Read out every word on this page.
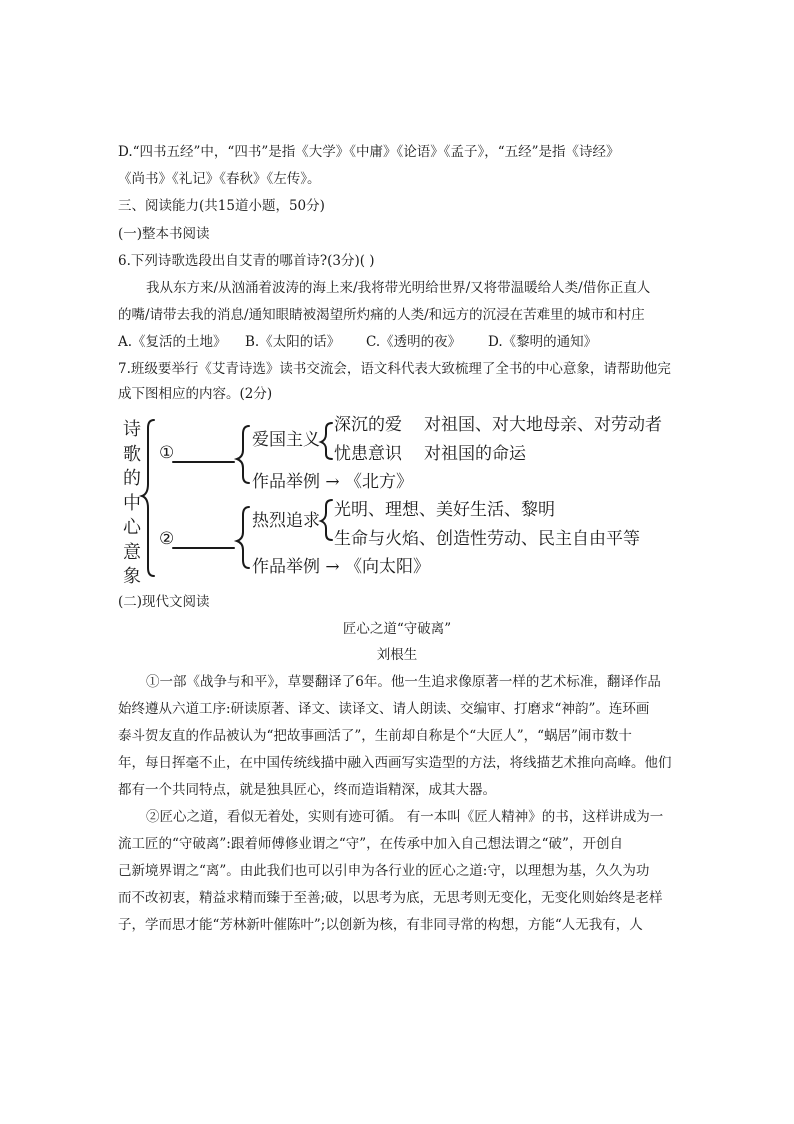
D.“四书五经”中，“四书”是指《大学》《中庸》《论语》《孟子》，“五经”是指《诗经》
《尚书》《礼记》《春秋》《左传》。
三、阅读能力(共15道小题，50分)
(一)整本书阅读
6.下列诗歌选段出自艾青的哪首诗?(3分)( )
我从东方来/从汹涌着波涛的海上来/我将带光明给世界/又将带温暖给人类/借你正直人
的嘴/请带去我的消息/通知眼睛被渴望所灼痛的人类/和远方的沉浸在苦难里的城市和村庄
A.《复活的土地》 B.《太阳的话》 C.《透明的夜》 D.《黎明的通知》
7.班级要举行《艾青诗选》读书交流会，语文科代表大致梳理了全书的中心意象，请帮助他完
成下图相应的内容。(2分)
诗歌的中心意象
①
②
爱国主义
深沉的爱 对祖国、对大地母亲、对劳动者
忧患意识 对祖国的命运
作品举例 → 《北方》
热烈追求
光明、理想、美好生活、黎明
生命与火焰、创造性劳动、民主自由平等
作品举例 → 《向太阳》
(二)现代文阅读
匠心之道“守破离”
刘根生
①一部《战争与和平》，草婴翻译了6年。他一生追求像原著一样的艺术标准，翻译作品
始终遵从六道工序:研读原著、译文、读译文、请人朗读、交编审、打磨求“神韵”。连环画
泰斗贺友直的作品被认为“把故事画活了”，生前却自称是个“大匠人”，“蜗居”闹市数十
年，每日挥毫不止，在中国传统线描中融入西画写实造型的方法，将线描艺术推向高峰。他们
都有一个共同特点，就是独具匠心，终而造诣精深，成其大器。
②匠心之道，看似无着处，实则有迹可循。 有一本叫《匠人精神》的书，这样讲成为一
流工匠的“守破离”:跟着师傅修业谓之“守”，在传承中加入自己想法谓之“破”，开创自
己新境界谓之“离”。由此我们也可以引申为各行业的匠心之道:守，以理想为基，久久为功
而不改初衷，精益求精而臻于至善;破，以思考为底，无思考则无变化，无变化则始终是老样
子，学而思才能“芳林新叶催陈叶”;以创新为核，有非同寻常的构想，方能“人无我有，人
